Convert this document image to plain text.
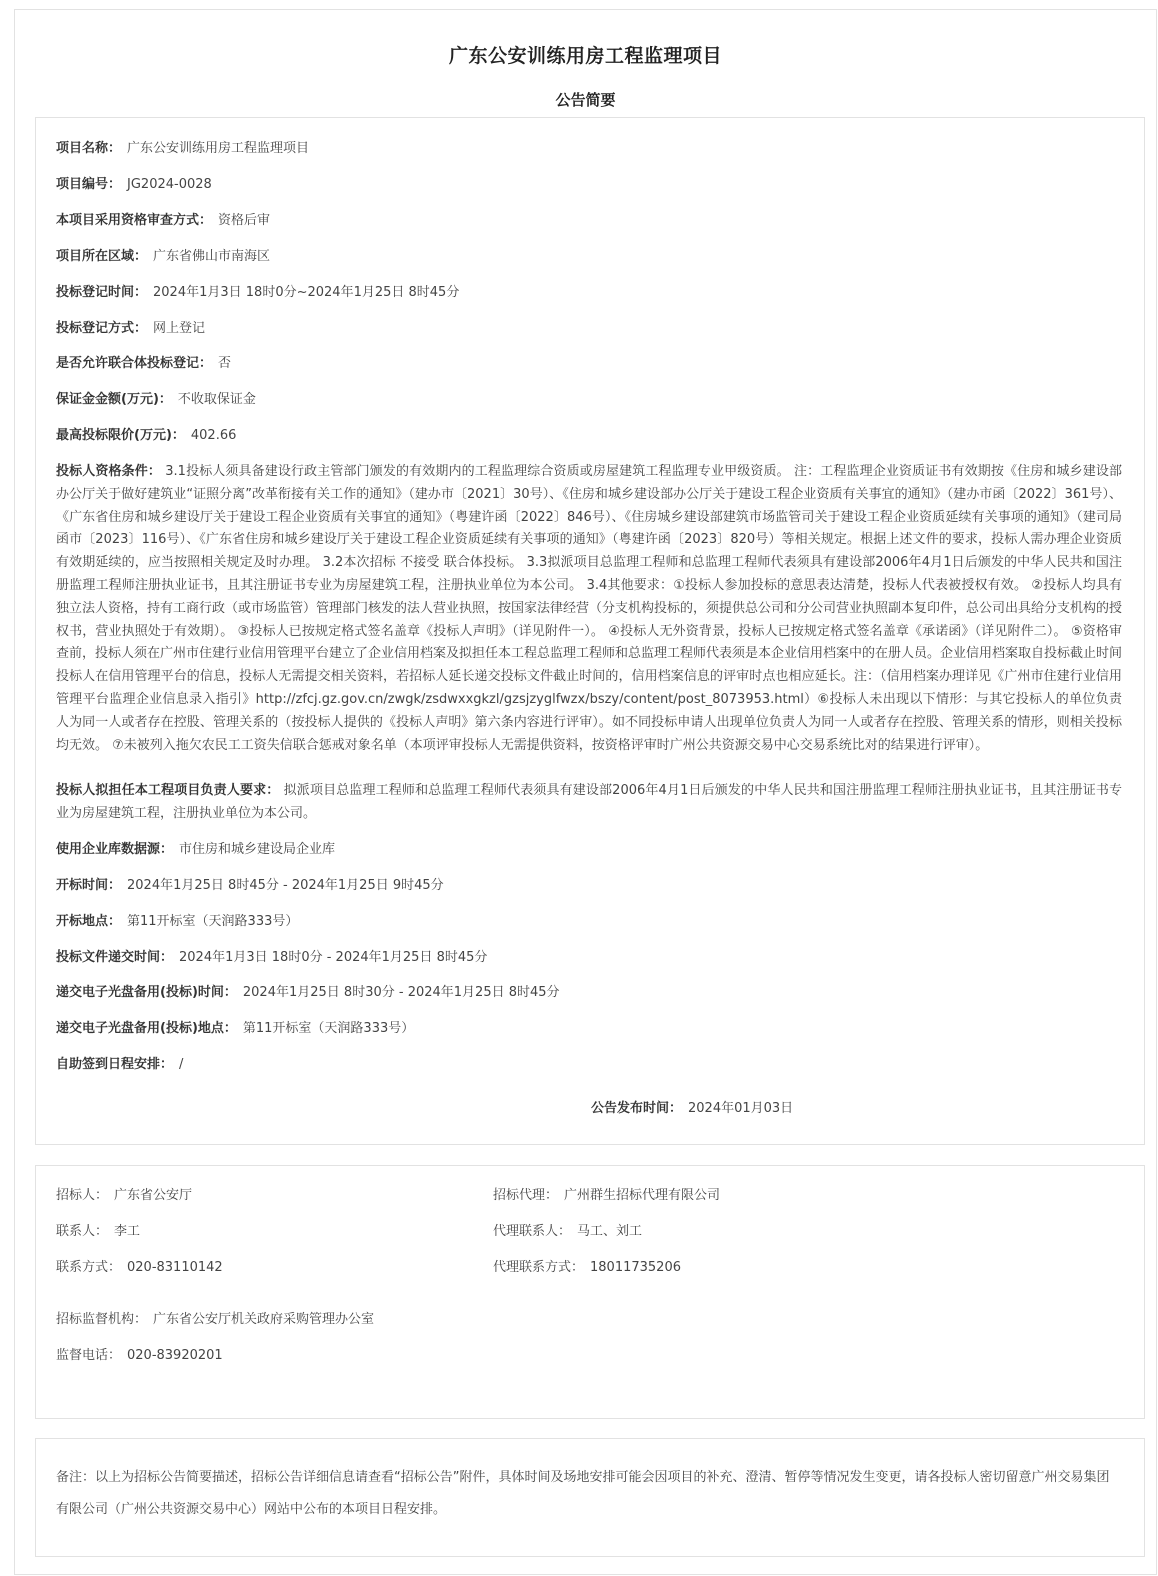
广东公安训练用房工程监理项目
公告简要
项目名称： 广东公安训练用房工程监理项目
项目编号： JG2024-0028
本项目采用资格审查方式： 资格后审
项目所在区域： 广东省佛山市南海区
投标登记时间： 2024年1月3日 18时0分~2024年1月25日 8时45分
投标登记方式： 网上登记
是否允许联合体投标登记： 否
保证金金额(万元)： 不收取保证金
最高投标限价(万元)： 402.66
投标人资格条件： 3.1投标人须具备建设行政主管部门颁发的有效期内的工程监理综合资质或房屋建筑工程监理专业甲级资质。 注：工程监理企业资质证书有效期按《住房和城乡建设部办公厅关于做好建筑业“证照分离”改革衔接有关工作的通知》（建办市〔2021〕30号）、《住房和城乡建设部办公厅关于建设工程企业资质有关事宜的通知》（建办市函〔2022〕361号）、《广东省住房和城乡建设厅关于建设工程企业资质有关事宜的通知》（粤建许函〔2022〕846号）、《住房城乡建设部建筑市场监管司关于建设工程企业资质延续有关事项的通知》（建司局函市〔2023〕116号）、《广东省住房和城乡建设厅关于建设工程企业资质延续有关事项的通知》（粤建许函〔2023〕820号）等相关规定。根据上述文件的要求，投标人需办理企业资质有效期延续的，应当按照相关规定及时办理。 3.2本次招标 不接受 联合体投标。 3.3拟派项目总监理工程师和总监理工程师代表须具有建设部2006年4月1日后颁发的中华人民共和国注册监理工程师注册执业证书，且其注册证书专业为房屋建筑工程，注册执业单位为本公司。 3.4其他要求：①投标人参加投标的意思表达清楚，投标人代表被授权有效。 ②投标人均具有独立法人资格，持有工商行政（或市场监管）管理部门核发的法人营业执照，按国家法律经营（分支机构投标的，须提供总公司和分公司营业执照副本复印件，总公司出具给分支机构的授权书，营业执照处于有效期）。 ③投标人已按规定格式签名盖章《投标人声明》（详见附件一）。 ④投标人无外资背景，投标人已按规定格式签名盖章《承诺函》（详见附件二）。 ⑤资格审查前，投标人须在广州市住建行业信用管理平台建立了企业信用档案及拟担任本工程总监理工程师和总监理工程师代表须是本企业信用档案中的在册人员。企业信用档案取自投标截止时间投标人在信用管理平台的信息，投标人无需提交相关资料，若招标人延长递交投标文件截止时间的，信用档案信息的评审时点也相应延长。注：（信用档案办理详见《广州市住建行业信用管理平台监理企业信息录入指引》http://zfcj.gz.gov.cn/zwgk/zsdwxxgkzl/gzsjzyglfwzx/bszy/content/post_8073953.html）⑥投标人未出现以下情形：与其它投标人的单位负责人为同一人或者存在控股、管理关系的（按投标人提供的《投标人声明》第六条内容进行评审）。如不同投标申请人出现单位负责人为同一人或者存在控股、管理关系的情形，则相关投标均无效。 ⑦未被列入拖欠农民工工资失信联合惩戒对象名单（本项评审投标人无需提供资料，按资格评审时广州公共资源交易中心交易系统比对的结果进行评审）。
投标人拟担任本工程项目负责人要求： 拟派项目总监理工程师和总监理工程师代表须具有建设部2006年4月1日后颁发的中华人民共和国注册监理工程师注册执业证书，且其注册证书专业为房屋建筑工程，注册执业单位为本公司。
使用企业库数据源： 市住房和城乡建设局企业库
开标时间： 2024年1月25日 8时45分 - 2024年1月25日 9时45分
开标地点： 第11开标室（天润路333号）
投标文件递交时间： 2024年1月3日 18时0分 - 2024年1月25日 8时45分
递交电子光盘备用(投标)时间： 2024年1月25日 8时30分 - 2024年1月25日 8时45分
递交电子光盘备用(投标)地点： 第11开标室（天润路333号）
自助签到日程安排： /
公告发布时间： 2024年01月03日
招标人： 广东省公安厅	招标代理： 广州群生招标代理有限公司
联系人： 李工	代理联系人： 马工、刘工
联系方式： 020-83110142	代理联系方式： 18011735206
招标监督机构： 广东省公安厅机关政府采购管理办公室
监督电话： 020-83920201
备注：以上为招标公告简要描述，招标公告详细信息请查看“招标公告”附件，具体时间及场地安排可能会因项目的补充、澄清、暂停等情况发生变更，请各投标人密切留意广州交易集团有限公司（广州公共资源交易中心）网站中公布的本项目日程安排。
